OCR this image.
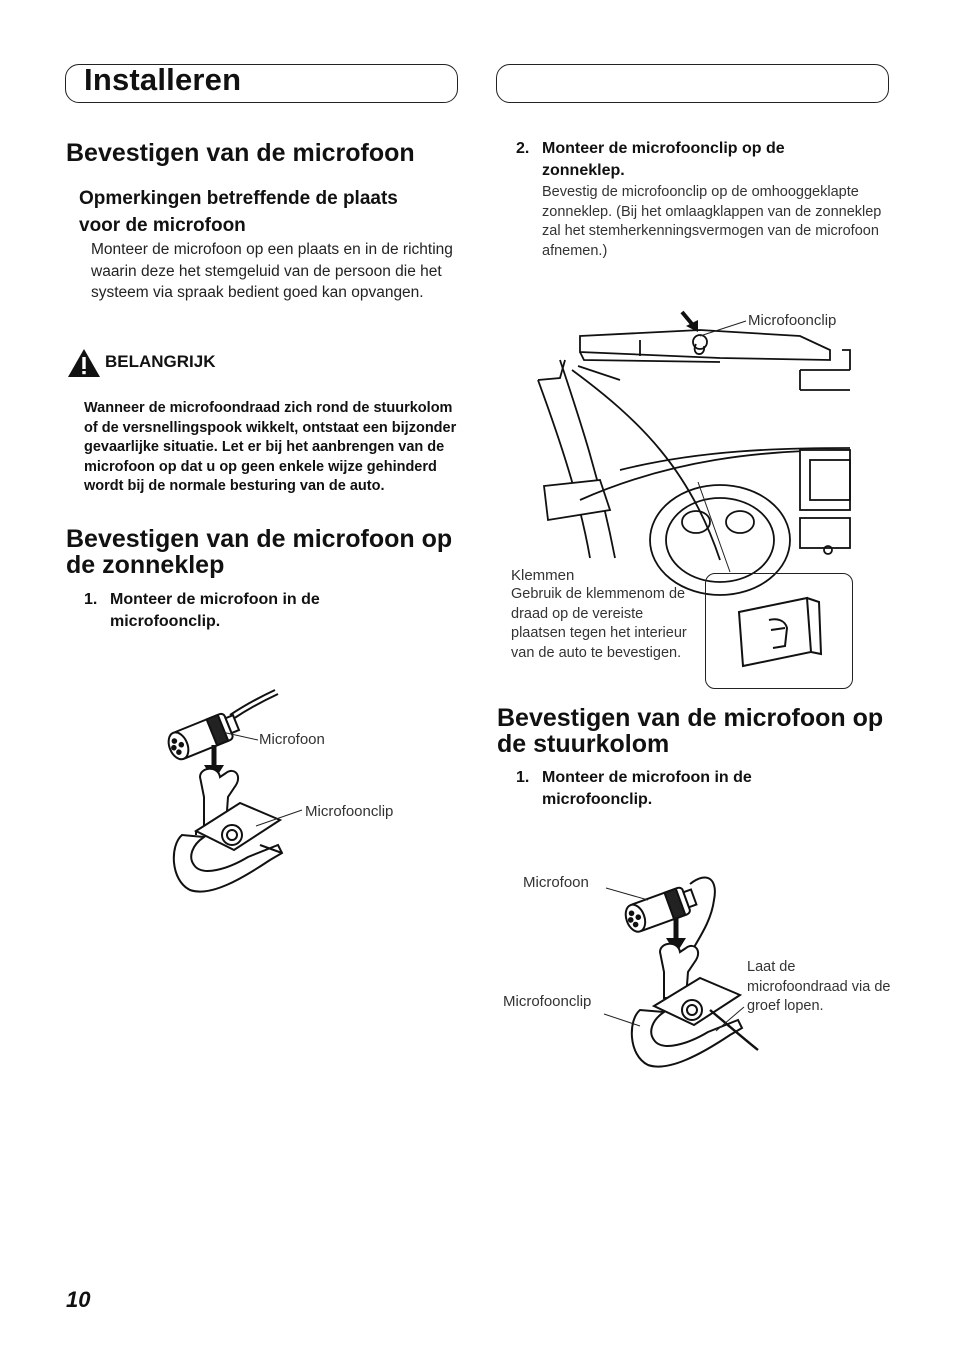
Installeren
Bevestigen van de microfoon
Opmerkingen betreffende de plaats voor de microfoon
Monteer de microfoon op een plaats en in de richting waarin deze het stemgeluid van de persoon die het systeem via spraak bedient goed kan opvangen.
BELANGRIJK
Wanneer de microfoondraad zich rond de stuurkolom of de versnellingspook wikkelt, ontstaat een bijzonder gevaarlijke situatie. Let er bij het aanbrengen van de microfoon op dat u op geen enkele wijze gehinderd wordt bij de normale besturing van de auto.
Bevestigen van de microfoon op de zonneklep
1. Monteer de microfoon in de microfoonclip.
Microfoon
Microfoonclip
2. Monteer de microfoonclip op de zonneklep.
Bevestig de microfoonclip op de omhooggeklapte zonneklep. (Bij het omlaagklappen van de zonneklep zal het stemherkenningsvermogen van de microfoon afnemen.)
Microfoonclip
Klemmen
Gebruik de klemmenom de draad op de vereiste plaatsen tegen het interieur van de auto te bevestigen.
Bevestigen van de microfoon op de stuurkolom
1. Monteer de microfoon in de microfoonclip.
Microfoon
Microfoonclip
Laat de microfoondraad via de groef lopen.
10
